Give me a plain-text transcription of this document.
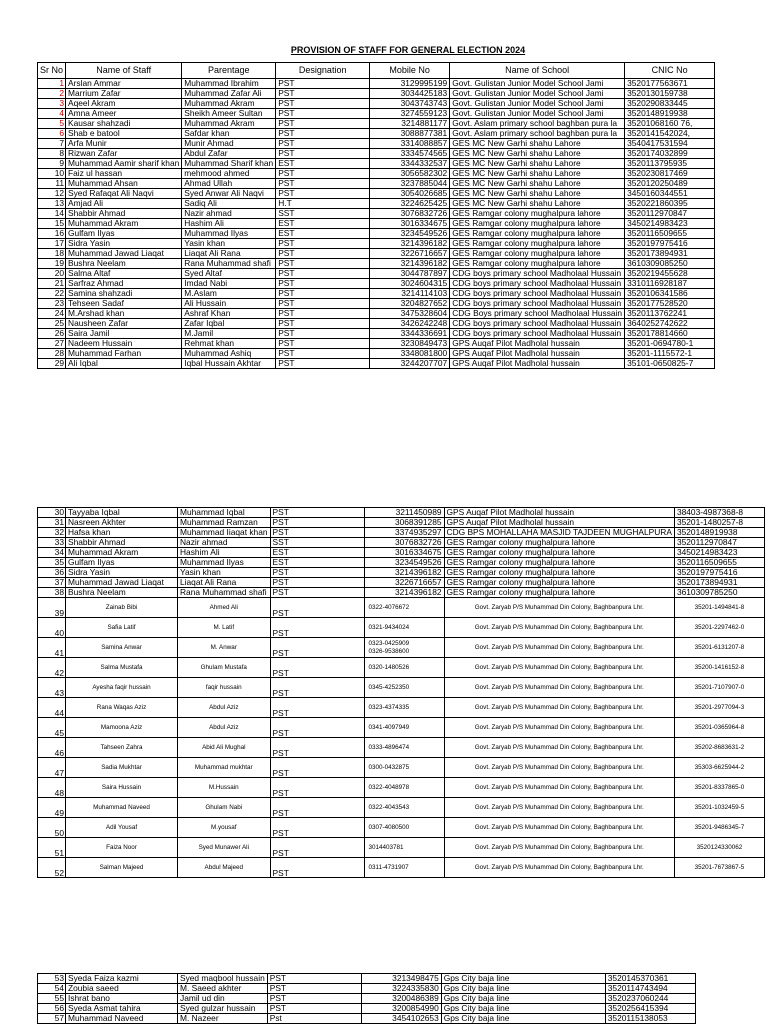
PROVISION OF STAFF FOR GENERAL ELECTION 2024
Sr No	Name of Staff	Parentage	Designation	Mobile No	Name of School	CNIC No
1	Arslan Ammar	Muhammad Ibrahim	PST	3129995199	Govt. Gulistan Junior Model School Jami	3520177563671
2	Marrium Zafar	Muhammad Zafar Ali	PST	3034425183	Govt. Gulistan Junior Model School Jami	3520130159738
3	Aqeel Akram	Muhammad Akram	PST	3043743743	Govt. Gulistan Junior Model School Jami	3520290833445
4	Amna Ameer	Sheikh Ameer Sultan	PST	3274559123	Govt. Gulistan Junior Model School Jami	3520148919938
5	Kausar shahzadi	Muhammad Akram	PST	3214881177	Govt. Aslam primary school baghban pura la	35201068160 76,
6	Shab e batool	Safdar khan	PST	3088877381	Govt. Aslam primary school baghban pura la	3520141542024,
7	Arfa Munir	Munir Ahmad	PST	3314088857	GES MC New Garhi shahu Lahore	3540417531594
8	Rizwan Zafar	Abdul Zafar	PST	3334574565	GES MC New Garhi shahu Lahore	3520174032899
9	Muhammad Aamir sharif khan	Muhammad Sharif khan	EST	3344332537	GES MC New Garhi shahu Lahore	3520113795935
10	Faiz ul hassan	mehmood ahmed	PST	3056582302	GES MC New Garhi shahu Lahore	3520230817469
11	Muhammad Ahsan	Ahmad Ullah	PST	3237885044	GES MC New Garhi shahu Lahore	3520120250489
12	Syed Rafaqat Ali Naqvi	Syed Anwar Ali Naqvi	PST	3054026685	GES MC New Garhi shahu Lahore	3450160344551
13	Amjad Ali	Sadiq Ali	H.T	3224625425	GES MC New Garhi shahu Lahore	3520221860395
14	Shabbir Ahmad	Nazir ahmad	SST	3076832726	GES Ramgar colony mughalpura lahore	3520112970847
15	Muhammad Akram	Hashim Ali	EST	3016334675	GES Ramgar colony mughalpura lahore	3450214983423
16	Gulfam Ilyas	Muhammad Ilyas	EST	3234549526	GES Ramgar colony mughalpura lahore	3520116509655
17	Sidra Yasin	Yasin khan	PST	3214396182	GES Ramgar colony mughalpura lahore	3520197975416
18	Muhammad Jawad Liaqat	Liaqat Ali Rana	PST	3226716657	GES Ramgar colony mughalpura lahore	3520173894931
19	Bushra Neelam	Rana Muhammad shafi	PST	3214396182	GES Ramgar colony mughalpura lahore	3610309085250
20	Salma Altaf	Syed Altaf	PST	3044787897	CDG boys primary school Madholaal Hussain	3520219455628
21	Sarfraz Ahmad	Imdad Nabi	PST	3024604315	CDG boys primary school Madholaal Hussain	3310116928187
22	Samina shahzadi	M.Aslam	PST	3214114103	CDG boys primary school Madholaal Hussain	3520106341586
23	Tehseen Sadaf	Ali Hussain	PST	3204827652	CDG boys primary school Madholaal Hussain	3520177528520
24	M.Arshad khan	Ashraf Khan	PST	3475328604	CDG Boys primary school Madholaal Hussain	3520113762241
25	Nausheen Zafar	Zafar Iqbal	PST	3426242248	CDG boys primary school Madholaal Hussain	3640252742622
26	Saira Jamil	M.Jamil	PST	3344336691	CDG boys primary school Madholaal Hussain	3520178814660
27	Nadeem Hussain	Rehmat khan	PST	3230849473	GPS Auqaf Pilot Madholal hussain	35201-0694780-1
28	Muhammad Farhan	Muhammad Ashiq	PST	3348081800	GPS Auqaf Pilot Madholal hussain	35201-1115572-1
29	Ali Iqbal	Iqbal Hussain Akhtar	PST	3244207707	GPS Auqaf Pilot Madholal hussain	35101-0650825-7
30	Tayyaba Iqbal	Muhammad Iqbal	PST	3211450989	GPS Auqaf Pilot Madholal hussain	38403-4987368-8
31	Nasreen Akhter	Muhammad Ramzan	PST	3068391285	GPS Auqaf Pilot Madholal hussain	35201-1480257-8
32	Hafsa khan	Muhammad Iiaqat khan	PST	3374935297	CDG BPS MOHALLAHA MASJID TAJDEEN MUGHALPURA	3520148919938
33	Shabbir Ahmad	Nazir ahmad	SST	3076832726	GES Ramgar colony mughalpura lahore	3520112970847
34	Muhammad Akram	Hashim Ali	EST	3016334675	GES Ramgar colony mughalpura lahore	3450214983423
35	Gulfam Ilyas	Muhammad Ilyas	EST	3234549526	GES Ramgar colony mughalpura lahore	3520116509655
36	Sidra Yasin	Yasin khan	PST	3214396182	GES Ramgar colony mughalpura lahore	3520197975416
37	Muhammad Jawad Liaqat	Liaqat Ali Rana	PST	3226716657	GES Ramgar colony mughalpura lahore	3520173894931
38	Bushra Neelam	Rana Muhammad shafi	PST	3214396182	GES Ramgar colony mughalpura lahore	3610309785250
39	Zainab Bibi	Ahmed Ali	PST	0322-4076672	Govt. Zaryab P/S Muhammad Din Colony, Baghbanpura Lhr.	35201-1494841-8
40	Safia Latif	M. Latif	PST	0321-9434024	Govt. Zaryab P/S Muhammad Din Colony, Baghbanpura Lhr.	35201-2297462-0
41	Samina Anwar	M. Anwar	PST	0323-0425909
0326-9538600	Govt. Zaryab P/S Muhammad Din Colony, Baghbanpura Lhr.	35201-6131207-8
42	Salma Mustafa	Ghulam Mustafa	PST	0320-1480526	Govt. Zaryab P/S Muhammad Din Colony, Baghbanpura Lhr.	35200-1416152-8
43	Ayesha faqir hussain	faqir hussain	PST	0345-4252350	Govt. Zaryab P/S Muhammad Din Colony, Baghbanpura Lhr.	35201-7107907-0
44	Rana Waqas Aziz	Abdul Aziz	PST	0323-4374335	Govt. Zaryab P/S Muhammad Din Colony, Baghbanpura Lhr.	35201-2977094-3
45	Mamoona Aziz	Abdul Aziz	PST	0341-4097949	Govt. Zaryab P/S Muhammad Din Colony, Baghbanpura Lhr.	35201-0365964-8
46	Tahseen Zahra	Abid Ali Mughal	PST	0333-4896474	Govt. Zaryab P/S Muhammad Din Colony, Baghbanpura Lhr.	35202-8683631-2
47	Sadia Mukhtar	Muhammad mukhtar	PST	0300-0432875	Govt. Zaryab P/S Muhammad Din Colony, Baghbanpura Lhr.	35303-6625944-2
48	Saira Hussain	M.Hussain	PST	0322-4048978	Govt. Zaryab P/S Muhammad Din Colony, Baghbanpura Lhr.	35201-8337865-0
49	Muhammad Naveed	Ghulam Nabi	PST	0322-4043543	Govt. Zaryab P/S Muhammad Din Colony, Baghbanpura Lhr.	35201-1032459-5
50	Adil Yousaf	M.yousaf	PST	0307-4080500	Govt. Zaryab P/S Muhammad Din Colony, Baghbanpura Lhr.	35201-9486345-7
51	Faiza Noor	Syed Munawer Ali	PST	3014403781	Govt. Zaryab P/S Muhammad Din Colony, Baghbanpura Lhr.	3520124330062
52	Salman Majeed	Abdul Majeed	PST	0311-4731907	Govt. Zaryab P/S Muhammad Din Colony, Baghbanpura Lhr.	35201-7673867-5
53	Syeda Faiza kazmi	Syed maqbool hussain	PST	3213498475	Gps City baja line	3520145370361
54	Zoubia saeed	M. Saeed akhter	PST	3224335830	Gps City baja line	3520114743494
55	Ishrat bano	Jamil ud din	PST	3200486389	Gps City baja line	3520237060244
56	Syeda Asmat tahira	Syed gulzar hussain	PST	3200854990	Gps City baja line	3520256415394
57	Muhammad Naveed	M. Nazeer	Pst	3454102653	Gps City baja line	3520115138053
